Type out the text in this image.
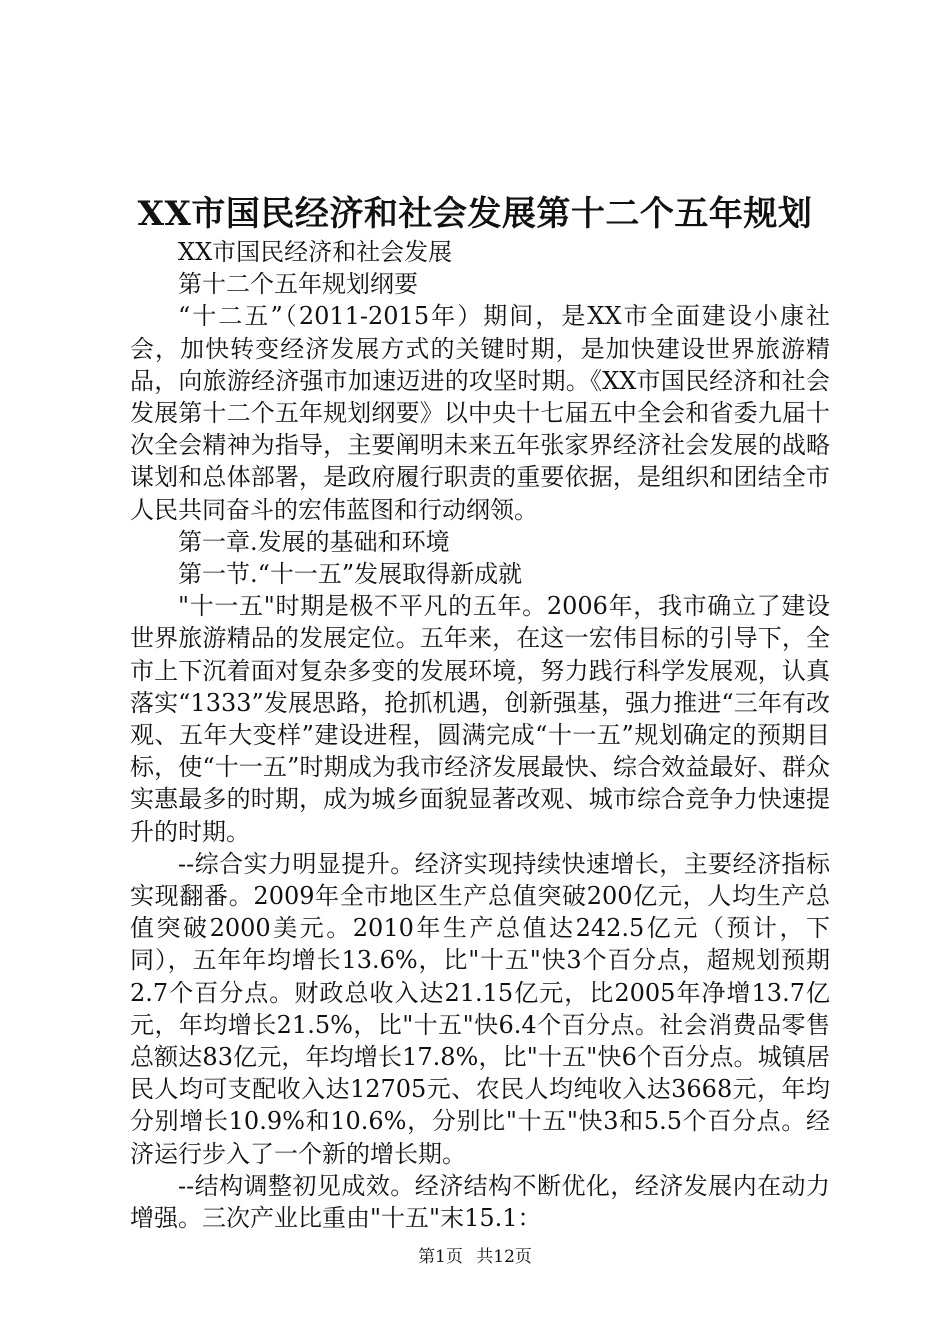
XX市国民经济和社会发展第十二个五年规划

XX市国民经济和社会发展

第十二个五年规划纲要

“十二五”（2011-2015年）期间，是XX市全面建设小康社会，加快转变经济发展方式的关键时期，是加快建设世界旅游精品，向旅游经济强市加速迈进的攻坚时期。《XX市国民经济和社会发展第十二个五年规划纲要》以中央十七届五中全会和省委九届十次全会精神为指导，主要阐明未来五年张家界经济社会发展的战略谋划和总体部署，是政府履行职责的重要依据，是组织和团结全市人民共同奋斗的宏伟蓝图和行动纲领。

第一章.发展的基础和环境

第一节.“十一五”发展取得新成就

"十一五"时期是极不平凡的五年。2006年，我市确立了建设世界旅游精品的发展定位。五年来，在这一宏伟目标的引导下，全市上下沉着面对复杂多变的发展环境，努力践行科学发展观，认真落实“1333”发展思路，抢抓机遇，创新强基，强力推进“三年有改观、五年大变样”建设进程，圆满完成“十一五”规划确定的预期目标，使“十一五”时期成为我市经济发展最快、综合效益最好、群众实惠最多的时期，成为城乡面貌显著改观、城市综合竞争力快速提升的时期。

--综合实力明显提升。经济实现持续快速增长，主要经济指标实现翻番。2009年全市地区生产总值突破200亿元，人均生产总值突破2000美元。2010年生产总值达242.5亿元（预计，下同），五年年均增长13.6%，比"十五"快3个百分点，超规划预期2.7个百分点。财政总收入达21.15亿元，比2005年净增13.7亿元，年均增长21.5%，比"十五"快6.4个百分点。社会消费品零售总额达83亿元，年均增长17.8%，比"十五"快6个百分点。城镇居民人均可支配收入达12705元、农民人均纯收入达3668元，年均分别增长10.9%和10.6%，分别比"十五"快3和5.5个百分点。经济运行步入了一个新的增长期。

--结构调整初见成效。经济结构不断优化，经济发展内在动力增强。三次产业比重由"十五"末15.1：

第1页 共12页
